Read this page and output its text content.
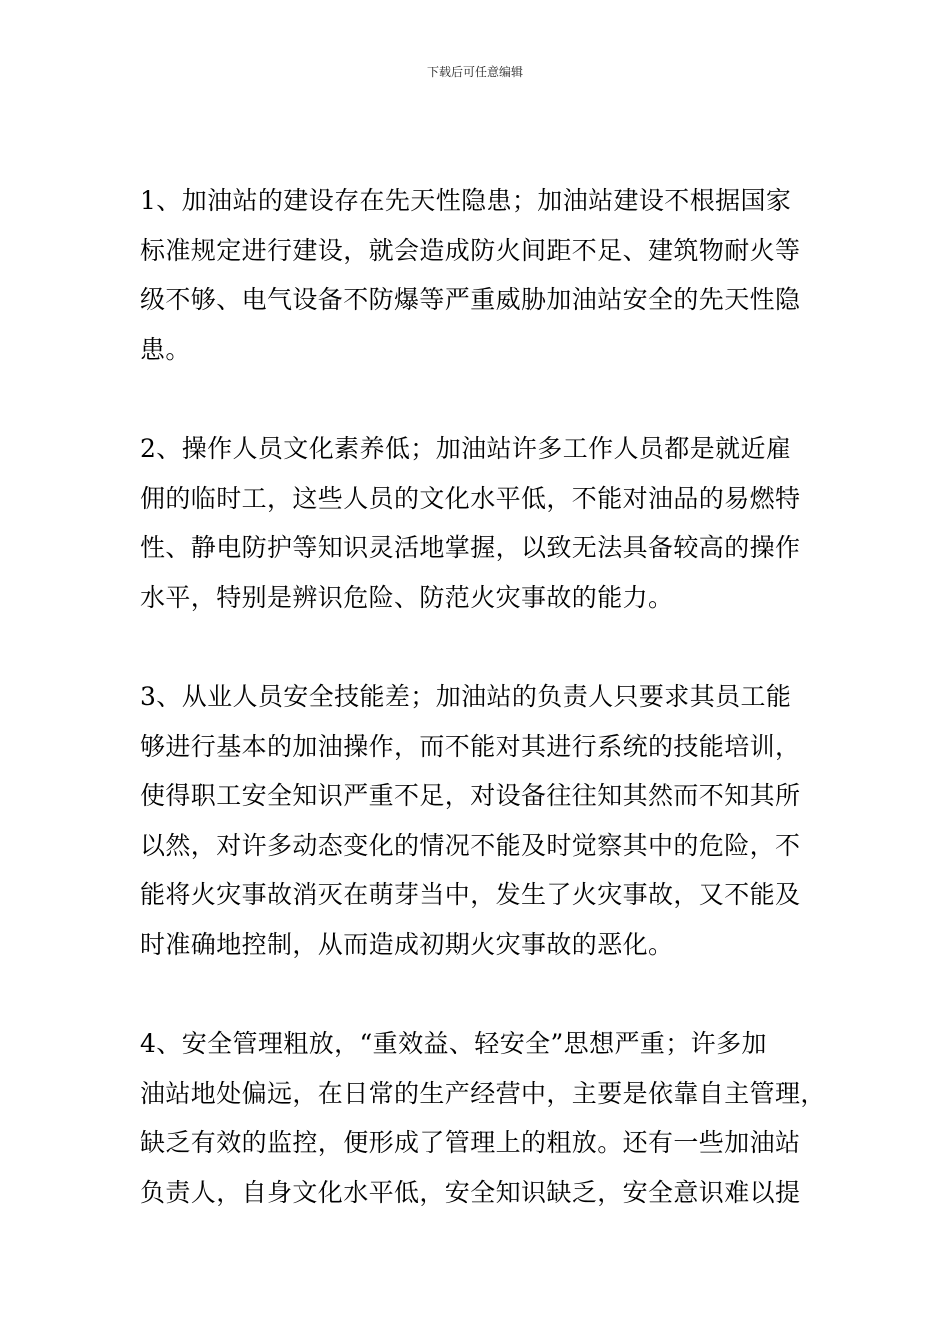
下载后可任意编辑

1、加油站的建设存在先天性隐患；加油站建设不根据国家
标准规定进行建设，就会造成防火间距不足、建筑物耐火等
级不够、电气设备不防爆等严重威胁加油站安全的先天性隐
患。

2、操作人员文化素养低；加油站许多工作人员都是就近雇
佣的临时工，这些人员的文化水平低，不能对油品的易燃特
性、静电防护等知识灵活地掌握，以致无法具备较高的操作
水平，特别是辨识危险、防范火灾事故的能力。

3、从业人员安全技能差；加油站的负责人只要求其员工能
够进行基本的加油操作，而不能对其进行系统的技能培训，
使得职工安全知识严重不足，对设备往往知其然而不知其所
以然，对许多动态变化的情况不能及时觉察其中的危险，不
能将火灾事故消灭在萌芽当中，发生了火灾事故，又不能及
时准确地控制，从而造成初期火灾事故的恶化。

4、安全管理粗放，“重效益、轻安全”思想严重；许多加
油站地处偏远，在日常的生产经营中，主要是依靠自主管理，
缺乏有效的监控，便形成了管理上的粗放。还有一些加油站
负责人，自身文化水平低，安全知识缺乏，安全意识难以提
